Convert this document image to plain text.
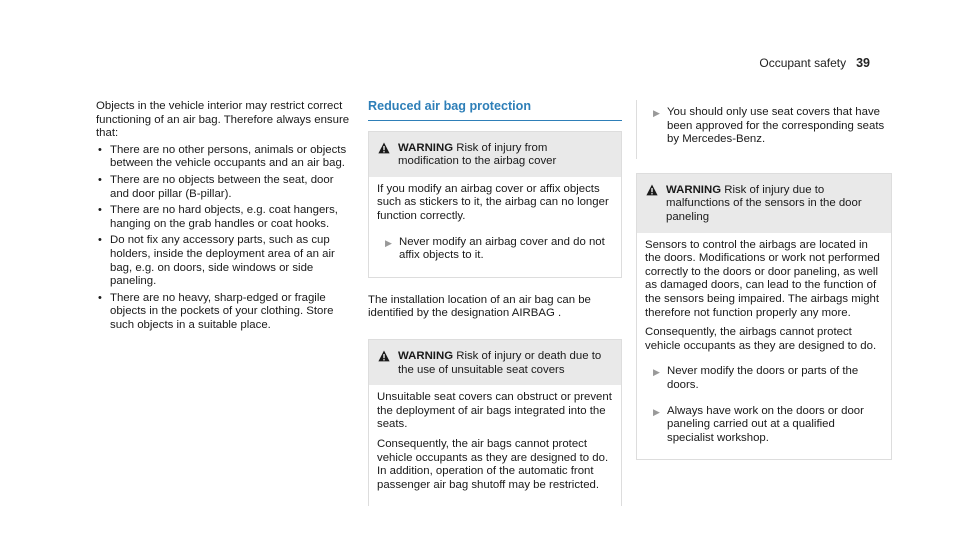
Occupant safety 39

Objects in the vehicle interior may restrict correct functioning of an air bag. Therefore always ensure that:

• There are no other persons, animals or objects between the vehicle occupants and an air bag.
• There are no objects between the seat, door and door pillar (B-pillar).
• There are no hard objects, e.g. coat hangers, hanging on the grab handles or coat hooks.
• Do not fix any accessory parts, such as cup holders, inside the deployment area of an air bag, e.g. on doors, side windows or side paneling.
• There are no heavy, sharp-edged or fragile objects in the pockets of your clothing. Store such objects in a suitable place.
Reduced air bag protection
WARNING Risk of injury from modification to the airbag cover

If you modify an airbag cover or affix objects such as stickers to it, the airbag can no longer function correctly.

▶ Never modify an airbag cover and do not affix objects to it.

The installation location of an air bag can be identified by the designation AIRBAG .

WARNING Risk of injury or death due to the use of unsuitable seat covers

Unsuitable seat covers can obstruct or prevent the deployment of air bags integrated into the seats.

Consequently, the air bags cannot protect vehicle occupants as they are designed to do. In addition, operation of the automatic front passenger air bag shutoff may be restricted.

▶ You should only use seat covers that have been approved for the corresponding seats by Mercedes-Benz.
WARNING Risk of injury due to malfunctions of the sensors in the door paneling

Sensors to control the airbags are located in the doors. Modifications or work not performed correctly to the doors or door paneling, as well as damaged doors, can lead to the function of the sensors being impaired. The airbags might therefore not function properly any more.

Consequently, the airbags cannot protect vehicle occupants as they are designed to do.

▶ Never modify the doors or parts of the doors.
▶ Always have work on the doors or door paneling carried out at a qualified specialist workshop.
